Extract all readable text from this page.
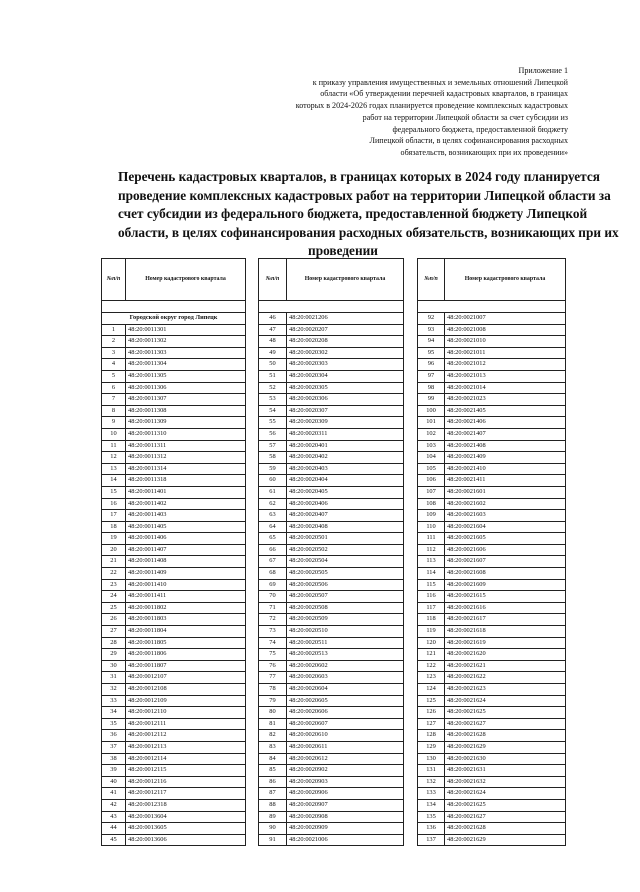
Приложение 1
к приказу управления имущественных и земельных отношений Липецкой
области «Об утверждении перечней кадастровых кварталов, в границах
которых в 2024-2026 годах планируется проведение комплексных кадастровых
работ на территории Липецкой области за счет субсидии из
федерального бюджета, предоставленной бюджету
Липецкой области, в целях софинансирования расходных
обязательств, возникающих при их проведении»
Перечень кадастровых кварталов, в границах которых в 2024 году планируется
проведение комплексных кадастровых работ на территории Липецкой области за
счет субсидии из федерального бюджета, предоставленной бюджету Липецкой
области, в целях софинансирования расходных обязательств, возникающих при их
проведении
№п/п	Номер кадастрового квартала

Городской округ город Липецк	
1	48:20:0011301
2	48:20:0011302
3	48:20:0011303
4	48:20:0011304
5	48:20:0011305
6	48:20:0011306
7	48:20:0011307
8	48:20:0011308
9	48:20:0011309
10	48:20:0011310
11	48:20:0011311
12	48:20:0011312
13	48:20:0011314
14	48:20:0011318
15	48:20:0011401
16	48:20:0011402
17	48:20:0011403
18	48:20:0011405
19	48:20:0011406
20	48:20:0011407
21	48:20:0011408
22	48:20:0011409
23	48:20:0011410
24	48:20:0011411
25	48:20:0011802
26	48:20:0011803
27	48:20:0011804
28	48:20:0011805
29	48:20:0011806
30	48:20:0011807
31	48:20:0012107
32	48:20:0012108
33	48:20:0012109
34	48:20:0012110
35	48:20:0012111
36	48:20:0012112
37	48:20:0012113
38	48:20:0012114
39	48:20:0012115
40	48:20:0012116
41	48:20:0012117
42	48:20:0012318
43	48:20:0013604
44	48:20:0013605
45	48:20:0013606
№п/п	Номер кадастрового квартала

46	48:20:0021206
47	48:20:0020207
48	48:20:0020208
49	48:20:0020302
50	48:20:0020303
51	48:20:0020304
52	48:20:0020305
53	48:20:0020306
54	48:20:0020307
55	48:20:0020309
56	48:20:0020311
57	48:20:0020401
58	48:20:0020402
59	48:20:0020403
60	48:20:0020404
61	48:20:0020405
62	48:20:0020406
63	48:20:0020407
64	48:20:0020408
65	48:20:0020501
66	48:20:0020502
67	48:20:0020504
68	48:20:0020505
69	48:20:0020506
70	48:20:0020507
71	48:20:0020508
72	48:20:0020509
73	48:20:0020510
74	48:20:0020511
75	48:20:0020513
76	48:20:0020602
77	48:20:0020603
78	48:20:0020604
79	48:20:0020605
80	48:20:0020606
81	48:20:0020607
82	48:20:0020610
83	48:20:0020611
84	48:20:0020612
85	48:20:0020902
86	48:20:0020903
87	48:20:0020906
88	48:20:0020907
89	48:20:0020908
90	48:20:0020909
91	48:20:0021006
№п/п	Номер кадастрового квартала

92	48:20:0021007
93	48:20:0021008
94	48:20:0021010
95	48:20:0021011
96	48:20:0021012
97	48:20:0021013
98	48:20:0021014
99	48:20:0021023
100	48:20:0021405
101	48:20:0021406
102	48:20:0021407
103	48:20:0021408
104	48:20:0021409
105	48:20:0021410
106	48:20:0021411
107	48:20:0021601
108	48:20:0021602
109	48:20:0021603
110	48:20:0021604
111	48:20:0021605
112	48:20:0021606
113	48:20:0021607
114	48:20:0021608
115	48:20:0021609
116	48:20:0021615
117	48:20:0021616
118	48:20:0021617
119	48:20:0021618
120	48:20:0021619
121	48:20:0021620
122	48:20:0021621
123	48:20:0021622
124	48:20:0021623
125	48:20:0021624
126	48:20:0021625
127	48:20:0021627
128	48:20:0021628
129	48:20:0021629
130	48:20:0021630
131	48:20:0021631
132	48:20:0021632
133	48:20:0021624
134	48:20:0021625
135	48:20:0021627
136	48:20:0021628
137	48:20:0021629
